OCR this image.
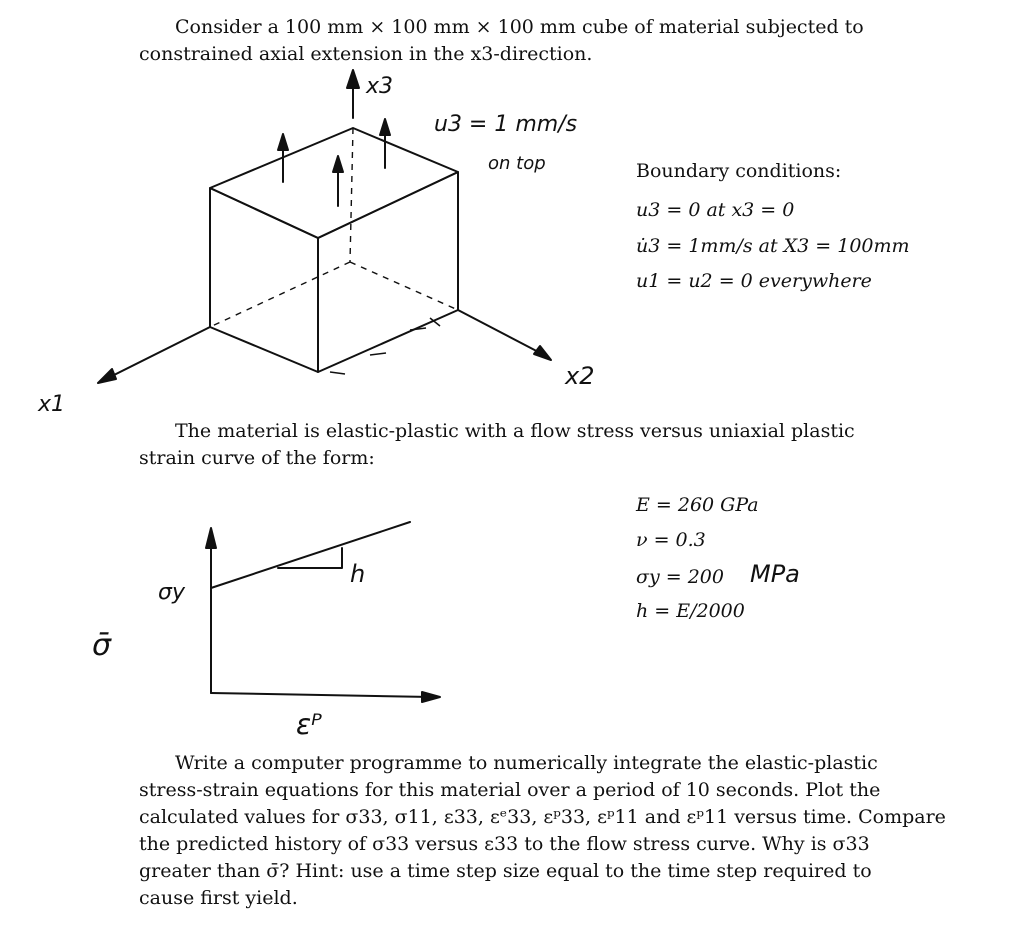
Consider a 100 mm × 100 mm × 100 mm cube of material subjected to
constrained axial extension in the x3-direction.
x3
x1
x2
u3 = 1 mm/s
on top	Boundary conditions:
u3 = 0 at x3 = 0
u̇3 = 1mm/s at X3 = 100mm
u1 = u2 = 0 everywhere
The material is elastic-plastic with a flow stress versus uniaxial plastic
strain curve of the form:
σ̄
σy
h
εᴾ
E = 260 GPa
ν = 0.3
σy = 200 MPa
h = E/2000
Write a computer programme to numerically integrate the elastic-plastic
stress-strain equations for this material over a period of 10 seconds. Plot the
calculated values for σ33, σ11, ε33, εᵉ33, εᵖ33, εᵖ11 and εᵖ11 versus time. Compare
the predicted history of σ33 versus ε33 to the flow stress curve. Why is σ33
greater than σ̄? Hint: use a time step size equal to the time step required to
cause first yield.
